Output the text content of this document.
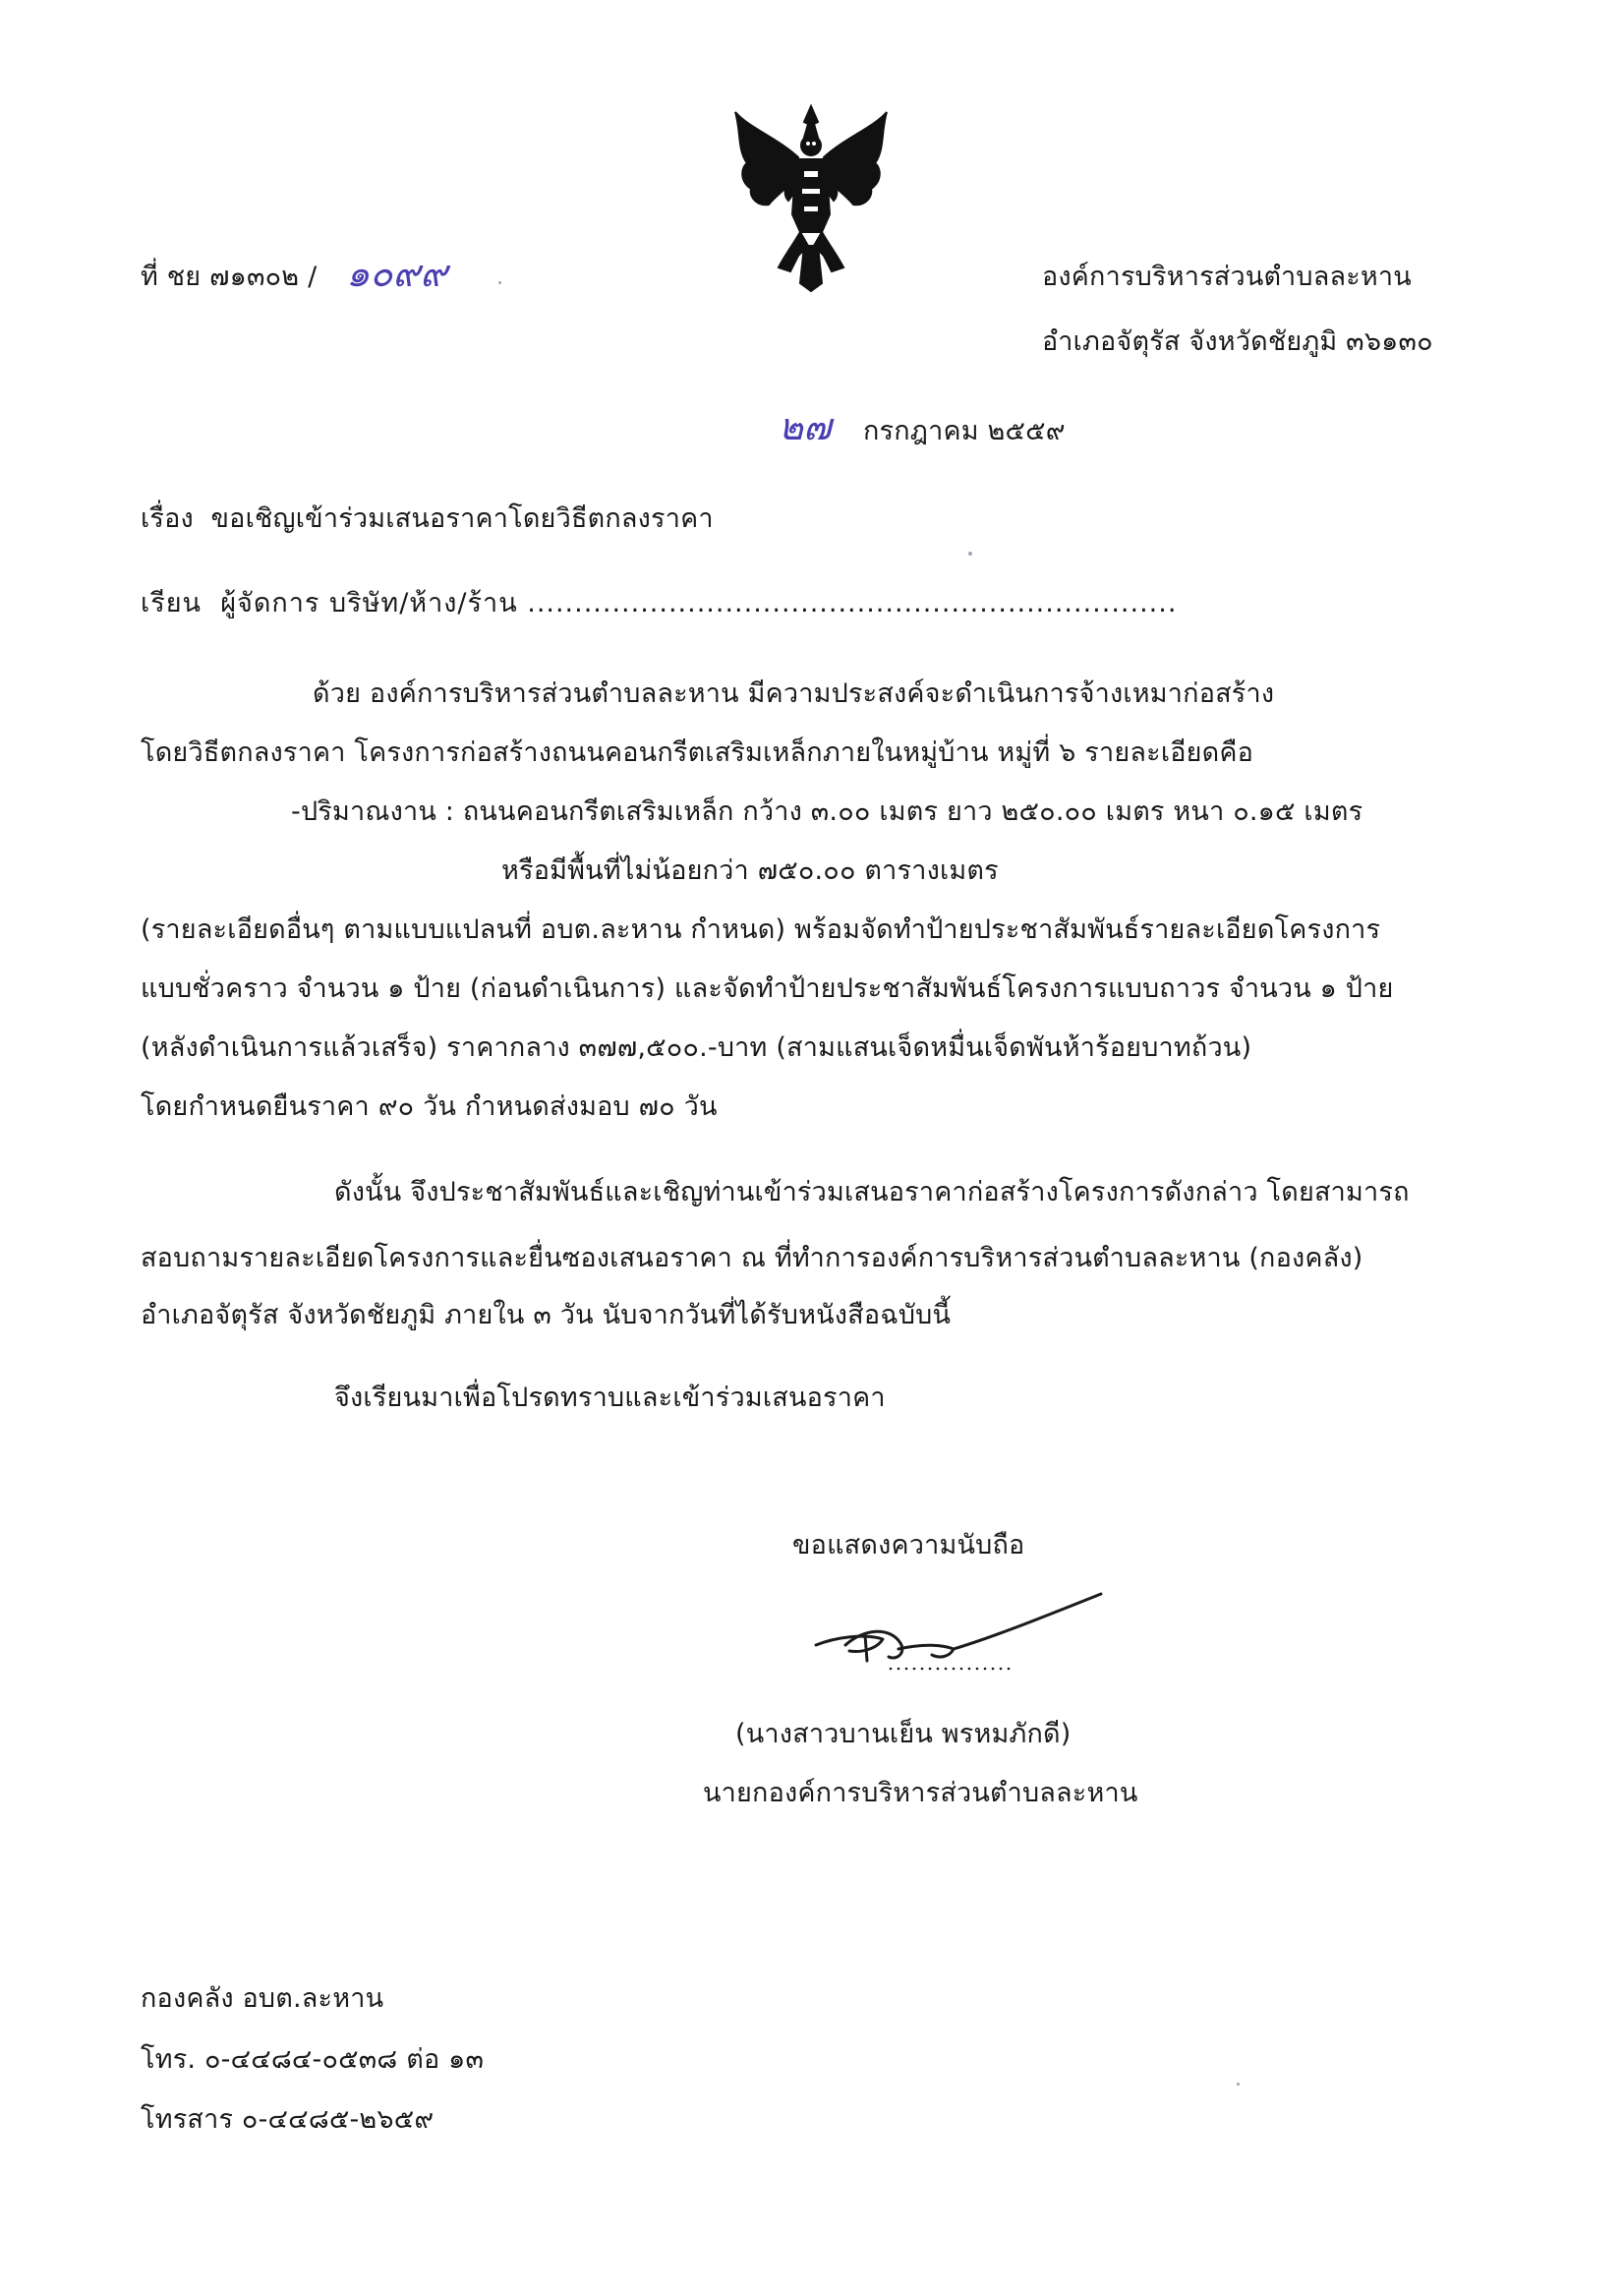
ที่ ชย ๗๑๓๐๒ / ๑๐๙๙	องค์การบริหารส่วนตำบลละหาน
อำเภอจัตุรัส จังหวัดชัยภูมิ ๓๖๑๓๐
๒๗ กรกฎาคม ๒๕๕๙
เรื่อง ขอเชิญเข้าร่วมเสนอราคาโดยวิธีตกลงราคา
เรียน ผู้จัดการ บริษัท/ห้าง/ร้าน .....................................................................
ด้วย องค์การบริหารส่วนตำบลละหาน มีความประสงค์จะดำเนินการจ้างเหมาก่อสร้าง
โดยวิธีตกลงราคา โครงการก่อสร้างถนนคอนกรีตเสริมเหล็กภายในหมู่บ้าน หมู่ที่ ๖ รายละเอียดคือ
-ปริมาณงาน : ถนนคอนกรีตเสริมเหล็ก กว้าง ๓.๐๐ เมตร ยาว ๒๕๐.๐๐ เมตร หนา ๐.๑๕ เมตร
หรือมีพื้นที่ไม่น้อยกว่า ๗๕๐.๐๐ ตารางเมตร
(รายละเอียดอื่นๆ ตามแบบแปลนที่ อบต.ละหาน กำหนด) พร้อมจัดทำป้ายประชาสัมพันธ์รายละเอียดโครงการ
แบบชั่วคราว จำนวน ๑ ป้าย (ก่อนดำเนินการ) และจัดทำป้ายประชาสัมพันธ์โครงการแบบถาวร จำนวน ๑ ป้าย
(หลังดำเนินการแล้วเสร็จ) ราคากลาง ๓๗๗,๕๐๐.-บาท (สามแสนเจ็ดหมื่นเจ็ดพันห้าร้อยบาทถ้วน)
โดยกำหนดยืนราคา ๙๐ วัน กำหนดส่งมอบ ๗๐ วัน
ดังนั้น จึงประชาสัมพันธ์และเชิญท่านเข้าร่วมเสนอราคาก่อสร้างโครงการดังกล่าว โดยสามารถ
สอบถามรายละเอียดโครงการและยื่นซองเสนอราคา ณ ที่ทำการองค์การบริหารส่วนตำบลละหาน (กองคลัง)
อำเภอจัตุรัส จังหวัดชัยภูมิ ภายใน ๓ วัน นับจากวันที่ได้รับหนังสือฉบับนี้
จึงเรียนมาเพื่อโปรดทราบและเข้าร่วมเสนอราคา
ขอแสดงความนับถือ
(นางสาวบานเย็น พรหมภักดี)
นายกองค์การบริหารส่วนตำบลละหาน
กองคลัง อบต.ละหาน
โทร. ๐-๔๔๘๔-๐๕๓๘ ต่อ ๑๓
โทรสาร ๐-๔๔๘๕-๒๖๕๙
